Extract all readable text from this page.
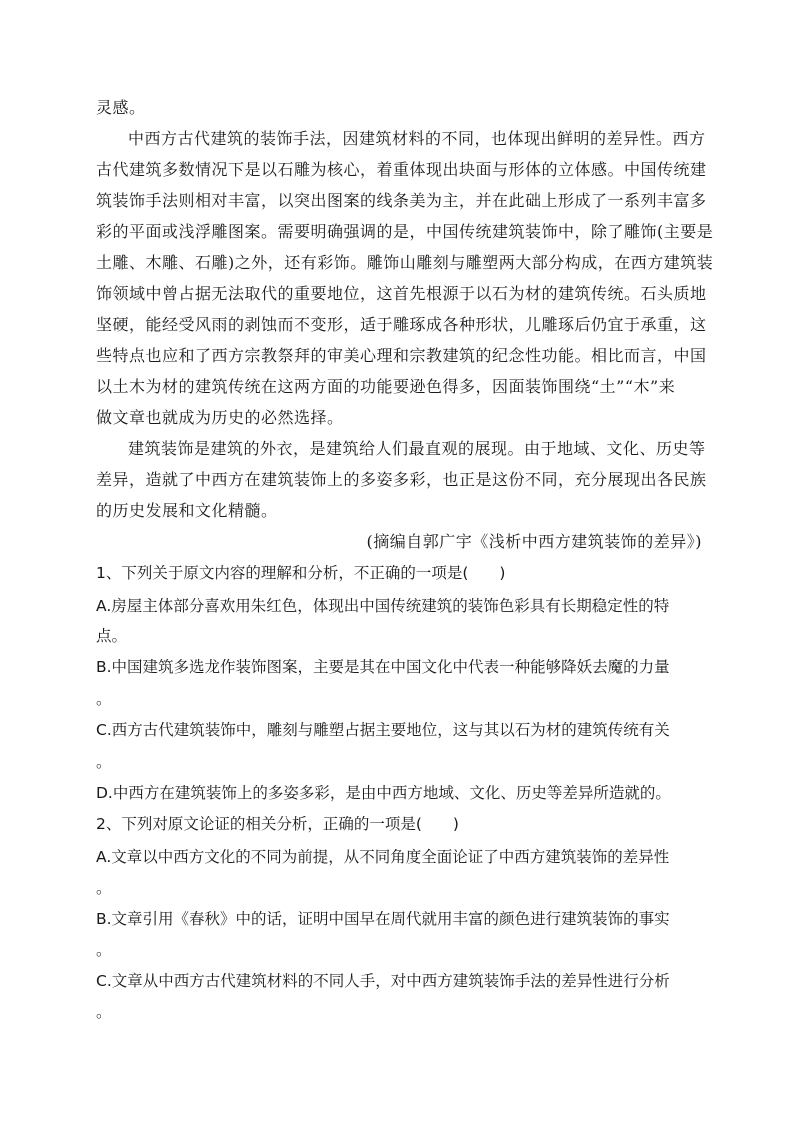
灵感。
中西方古代建筑的装饰手法，因建筑材料的不同，也体现出鲜明的差异性。西方
古代建筑多数情况下是以石雕为核心，着重体现出块面与形体的立体感。中国传统建
筑装饰手法则相对丰富，以突出图案的线条美为主，并在此础上形成了一系列丰富多
彩的平面或浅浮雕图案。需要明确强调的是，中国传统建筑装饰中，除了雕饰(主要是
土雕、木雕、石雕)之外，还有彩饰。雕饰山雕刻与雕塑两大部分构成，在西方建筑装
饰领域中曾占据无法取代的重要地位，这首先根源于以石为材的建筑传统。石头质地
坚硬，能经受风雨的剥蚀而不变形，适于雕琢成各种形状，儿雕琢后仍宜于承重，这
些特点也应和了西方宗教祭拜的审美心理和宗教建筑的纪念性功能。相比而言，中国
以土木为材的建筑传统在这两方面的功能要逊色得多，因面装饰围绕“土”“木”来
做文章也就成为历史的必然选择。
建筑装饰是建筑的外衣，是建筑给人们最直观的展现。由于地域、文化、历史等
差异，造就了中西方在建筑装饰上的多姿多彩，也正是这份不同，充分展现出各民族
的历史发展和文化精髓。
(摘编自郭广宇《浅析中西方建筑装饰的差异》)
1、下列关于原文内容的理解和分析，不正确的一项是(　　)
A.房屋主体部分喜欢用朱红色，体现出中国传统建筑的装饰色彩具有长期稳定性的特
点。
B.中国建筑多选龙作装饰图案，主要是其在中国文化中代表一种能够降妖去魔的力量
。
C.西方古代建筑装饰中，雕刻与雕塑占据主要地位，这与其以石为材的建筑传统有关
。
D.中西方在建筑装饰上的多姿多彩，是由中西方地域、文化、历史等差异所造就的。
2、下列对原文论证的相关分析，正确的一项是(　　)
A.文章以中西方文化的不同为前提，从不同角度全面论证了中西方建筑装饰的差异性
。
B.文章引用《春秋》中的话，证明中国早在周代就用丰富的颜色进行建筑装饰的事实
。
C.文章从中西方古代建筑材料的不同人手，对中西方建筑装饰手法的差异性进行分析
。
